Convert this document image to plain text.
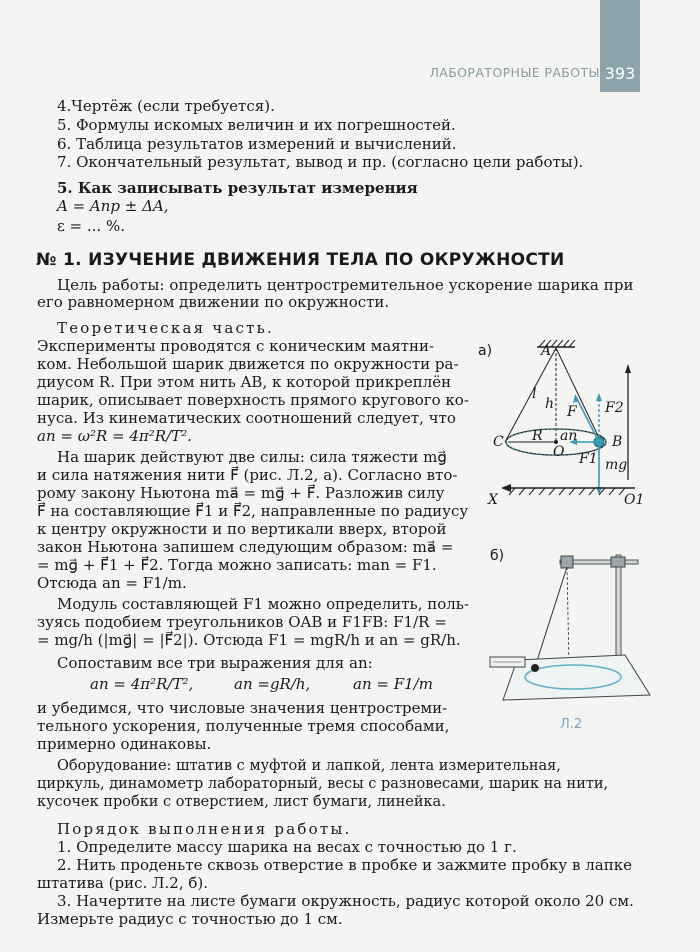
ЛАБОРАТОРНЫЕ РАБОТЫ 393
4.Чертёж (если требуется).
5. Формулы искомых величин и их погрешностей.
6. Таблица результатов измерений и вычислений.
7. Окончательный результат, вывод и пр. (согласно цели работы).
5. Как записывать результат измерения
A = Aпр ± ΔA,
ε = ... %.
№ 1. ИЗУЧЕНИЕ ДВИЖЕНИЯ ТЕЛА ПО ОКРУЖНОСТИ
Цель работы: определить центростремительное ускорение шарика при
его равномерном движении по окружности.
Теоретическая часть.
Эксперименты проводятся с коническим маятни-
ком. Небольшой шарик движется по окружности ра-
диусом R. При этом нить AB, к которой прикреплён
шарик, описывает поверхность прямого кругового ко-
нуса. Из кинематических соотношений следует, что
an = ω²R = 4π²R/T².
На шарик действуют две силы: сила тяжести mg⃗
и сила натяжения нити F⃗ (рис. Л.2, а). Согласно вто-
рому закону Ньютона ma⃗ = mg⃗ + F⃗. Разложив силу
F⃗ на составляющие F⃗1 и F⃗2, направленные по радиусу
к центру окружности и по вертикали вверх, второй
закон Ньютона запишем следующим образом: ma⃗ =
= mg⃗ + F⃗1 + F⃗2. Тогда можно записать: man = F1.
Отсюда an = F1/m.
Модуль составляющей F1 можно определить, поль-
зуясь подобием треугольников OAB и F1FB: F1/R =
= mg/h (|mg⃗| = |F⃗2|). Отсюда F1 = mgR/h и an = gR/h.
Сопоставим все три выражения для an:
an = 4π²R/T²,	an =gR/h,	an = F1/m
и убедимся, что числовые значения центростреми-
тельного ускорения, полученные тремя способами,
примерно одинаковы.
Оборудование: штатив с муфтой и лапкой, лента измерительная,
циркуль, динамометр лабораторный, весы с разновесами, шарик на нити,
кусочек пробки с отверстием, лист бумаги, линейка.
Порядок выполнения работы.
1. Определите массу шарика на весах с точностью до 1 г.
2. Нить проденьте сквозь отверстие в пробке и зажмите пробку в лапке
штатива (рис. Л.2, б).
3. Начертите на листе бумаги окружность, радиус которой около 20 см.
Измерьте радиус с точностью до 1 см.
а)	A
l
h F F2
C R an
O
B
F1 mg
X	O1
б)
Л.2
